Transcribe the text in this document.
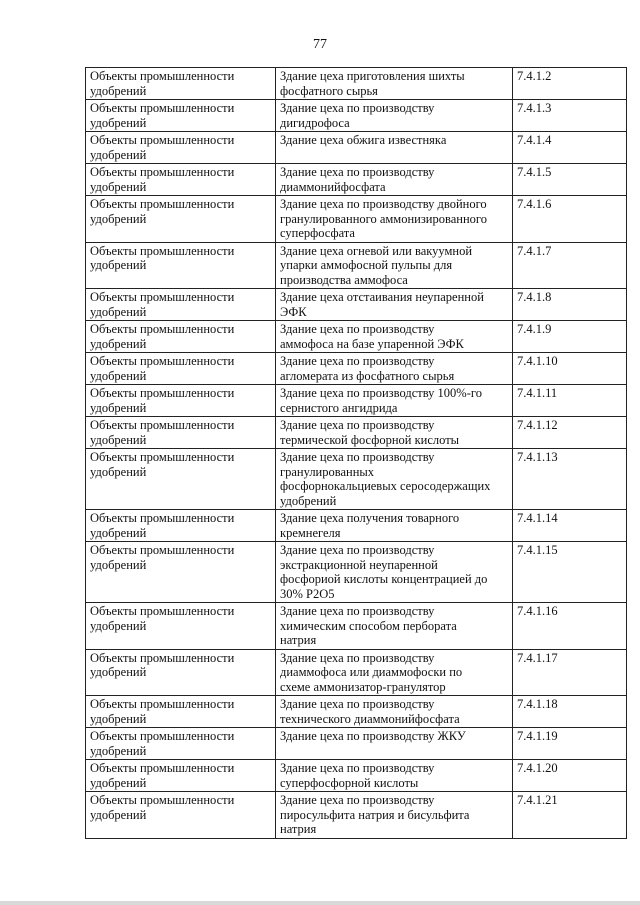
77
Объекты промышленности
удобрений	Здание цеха приготовления шихты
фосфатного сырья	7.4.1.2
Объекты промышленности
удобрений	Здание цеха по производству
дигидрофоса	7.4.1.3
Объекты промышленности
удобрений	Здание цеха обжига известняка	7.4.1.4
Объекты промышленности
удобрений	Здание цеха по производству
диаммонийфосфата	7.4.1.5
Объекты промышленности
удобрений	Здание цеха по производству двойного
гранулированного аммонизированного
суперфосфата	7.4.1.6
Объекты промышленности
удобрений	Здание цеха огневой или вакуумной
упарки аммофосной пульпы для
производства аммофоса	7.4.1.7
Объекты промышленности
удобрений	Здание цеха отстаивания неупаренной
ЭФК	7.4.1.8
Объекты промышленности
удобрений	Здание цеха по производству
аммофоса на базе упаренной ЭФК	7.4.1.9
Объекты промышленности
удобрений	Здание цеха по производству
агломерата из фосфатного сырья	7.4.1.10
Объекты промышленности
удобрений	Здание цеха по производству 100%-го
сернистого ангидрида	7.4.1.11
Объекты промышленности
удобрений	Здание цеха по производству
термической фосфорной кислоты	7.4.1.12
Объекты промышленности
удобрений	Здание цеха по производству
гранулированных
фосфорнокальциевых серосодержащих
удобрений	7.4.1.13
Объекты промышленности
удобрений	Здание цеха получения товарного
кремнегеля	7.4.1.14
Объекты промышленности
удобрений	Здание цеха по производству
экстракционной неупаренной
фосфориой кислоты концентрацией до
30% P2O5	7.4.1.15
Объекты промышленности
удобрений	Здание цеха по производству
химическим способом пербората
натрия	7.4.1.16
Объекты промышленности
удобрений	Здание цеха по производству
диаммофоса или диаммофоски по
схеме аммонизатор-гранулятор	7.4.1.17
Объекты промышленности
удобрений	Здание цеха по производству
технического диаммонийфосфата	7.4.1.18
Объекты промышленности
удобрений	Здание цеха по производству ЖКУ	7.4.1.19
Объекты промышленности
удобрений	Здание цеха по производству
суперфосфорной кислоты	7.4.1.20
Объекты промышленности
удобрений	Здание цеха по производству
пиросульфита натрия и бисульфита
натрия	7.4.1.21
